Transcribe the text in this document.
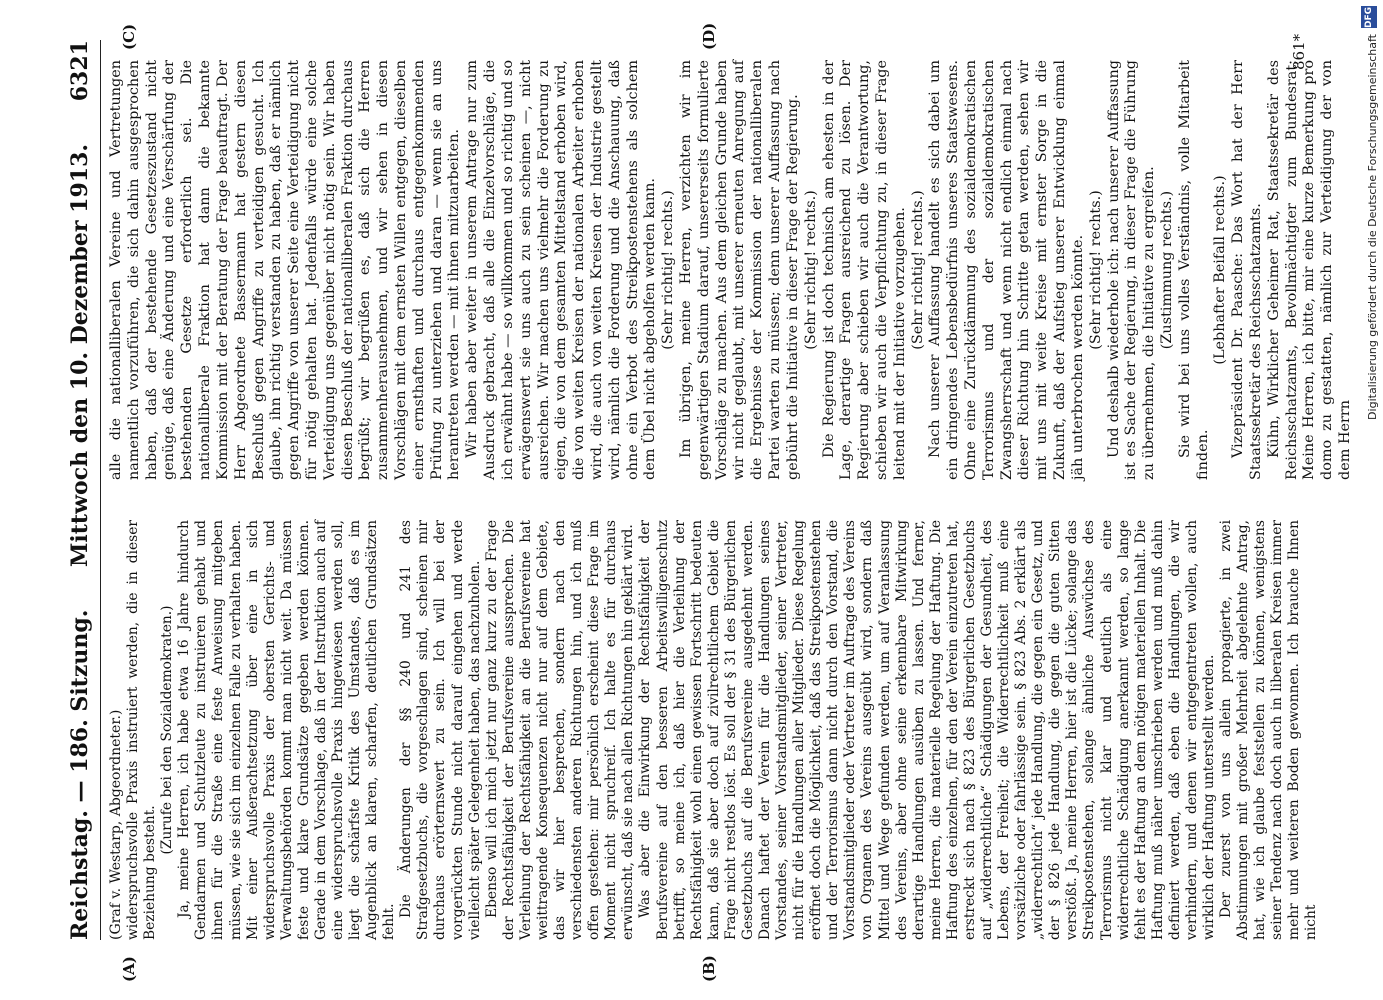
Reichstag. — 186. Sitzung.
Mittwoch den 10. Dezember 1913.
6321

(Graf v. Westarp, Abgeordneter.) widerspruchsvolle Praxis instruiert werden, die in dieser Beziehung besteht.

(Zurufe bei den Sozialdemokraten.) Ja, meine Herren, ich habe etwa 16 Jahre hindurch Gendarmen und Schutzleute zu instruieren gehabt und ihnen für die Straße eine feste Anweisung mitgeben müssen, wie sie sich im einzelnen Falle zu verhalten haben. Mit einer Außerachtsetzung über eine in sich widerspruchsvolle Praxis der obersten Gerichts- und Verwaltungsbehörden kommt man nicht weit. Da müssen feste und klare Grundsätze gegeben werden können. Gerade in dem Vorschlage, daß in der Instruktion auch auf eine widerspruchsvolle Praxis hingewiesen werden soll, liegt die schärfste Kritik des Umstandes, daß es im Augenblick an klaren, scharfen, deutlichen Grundsätzen fehlt.

Die Änderungen der §§ 240 und 241 des Strafgesetzbuchs, die vorgeschlagen sind, scheinen mir durchaus erörternswert zu sein. Ich will bei der vorgerückten Stunde nicht darauf eingehen und werde vielleicht später Gelegenheit haben, das nachzuholen. Ebenso will ich mich jetzt nur ganz kurz zu der Frage der Rechtsfähigkeit der Berufsvereine aussprechen. Die Verleihung der Rechtsfähigkeit an die Berufsvereine hat weittragende Konsequenzen nicht nur auf dem Gebiete, das wir hier besprechen, sondern nach den verschiedensten anderen Richtungen hin, und ich muß offen gestehen: mir persönlich erscheint diese Frage im Moment nicht spruchreif. Ich halte es für durchaus erwünscht, daß sie nach allen Richtungen hin geklärt wird. Was aber die Einwirkung der Rechtsfähigkeit der Berufsvereine auf den besseren Arbeitswilligenschutz betrifft, so meine ich, daß hier die Verleihung der Rechtsfähigkeit wohl einen gewissen Fortschritt bedeuten kann, daß sie aber doch auf zivilrechtlichem Gebiet die Frage nicht restlos löst. Es soll der § 31 des Bürgerlichen Gesetzbuchs auf die Berufsvereine ausgedehnt werden. Danach haftet der Verein für die Handlungen seines Vorstandes, seiner Vorstandsmitglieder, seiner Vertreter, nicht für die Handlungen aller Mitglieder. Diese Regelung eröffnet doch die Möglichkeit, daß das Streikpostenstehen und der Terrorismus dann nicht durch den Vorstand, die Vorstandsmitglieder oder Vertreter im Auftrage des Vereins von Organen des Vereins ausgeübt wird, sondern daß Mittel und Wege gefunden werden, um auf Veranlassung des Vereins, aber ohne seine erkennbare Mitwirkung derartige Handlungen ausüben zu lassen. Und ferner, meine Herren, die materielle Regelung der Haftung. Die Haftung des einzelnen, für den der Verein einzutreten hat, erstreckt sich nach § 823 des Bürgerlichen Gesetzbuchs auf „widerrechtliche“ Schädigungen der Gesundheit, des Lebens, der Freiheit; die Widerrechtlichkeit muß eine vorsätzliche oder fahrlässige sein. § 823 Abs. 2 erklärt als „widerrechtlich“ jede Handlung, die gegen ein Gesetz, und der § 826 jede Handlung, die gegen die guten Sitten verstößt. Ja, meine Herren, hier ist die Lücke; solange das Streikpostenstehen, solange ähnliche Auswüchse des Terrorismus nicht klar und deutlich als eine widerrechtliche Schädigung anerkannt werden, so lange fehlt es der Haftung an dem nötigen materiellen Inhalt. Die Haftung muß näher umschrieben werden und muß dahin definiert werden, daß eben die Handlungen, die wir verhindern, und denen wir entgegentreten wollen, auch wirklich der Haftung unterstellt werden. Der zuerst von uns allein propagierte, in zwei Abstimmungen mit großer Mehrheit abgelehnte Antrag, hat, wie ich glaube feststellen zu können, wenigstens seiner Tendenz nach doch auch in liberalen Kreisen immer mehr und weiteren Boden gewonnen. Ich brauche Ihnen nicht

alle die nationalliberalen Vereine und Vertretungen namentlich vorzuführen, die sich dahin ausgesprochen haben, daß der bestehende Gesetzeszustand nicht genüge, daß eine Änderung und eine Verschärfung der bestehenden Gesetze erforderlich sei. Die nationalliberale Fraktion hat dann die bekannte Kommission mit der Beratung der Frage beauftragt. Der Herr Abgeordnete Bassermann hat gestern diesen Beschluß gegen Angriffe zu verteidigen gesucht. Ich glaube, ihn richtig verstanden zu haben, daß er nämlich gegen Angriffe von unserer Seite eine Verteidigung nicht für nötig gehalten hat. Jedenfalls würde eine solche Verteidigung uns gegenüber nicht nötig sein. Wir haben diesen Beschluß der nationalliberalen Fraktion durchaus begrüßt; wir begrüßen es, daß sich die Herren zusammenherausnehmen, und wir sehen in diesen Vorschlägen mit dem ernsten Willen entgegen, dieselben einer ernsthaften und durchaus entgegenkommenden Prüfung zu unterziehen und daran — wenn sie an uns herantreten werden — mit ihnen mitzuarbeiten. Wir haben aber weiter in unserem Antrage nur zum Ausdruck gebracht, daß alle die Einzelvorschläge, die ich erwähnt habe — so willkommen und so richtig und so erwägenswert sie uns auch zu sein scheinen —, nicht ausreichen. Wir machen uns vielmehr die Forderung zu eigen, die von dem gesamten Mittelstand erhoben wird, die von weiten Kreisen der nationalen Arbeiter erhoben wird, die auch von weiten Kreisen der Industrie gestellt wird, nämlich die Forderung und die Anschauung, daß ohne ein Verbot des Streikpostenstehens als solchem dem Übel nicht abgeholfen werden kann. (Sehr richtig! rechts.) Im übrigen, meine Herren, verzichten wir im gegenwärtigen Stadium darauf, unsererseits formulierte Vorschläge zu machen. Aus dem gleichen Grunde haben wir nicht geglaubt, mit unserer erneuten Anregung auf die Ergebnisse der Kommission der nationalliberalen Partei warten zu müssen; denn unserer Auffassung nach gebührt die Initiative in dieser Frage der Regierung. (Sehr richtig! rechts.) Die Regierung ist doch technisch am ehesten in der Lage, derartige Fragen ausreichend zu lösen. Der Regierung aber schieben wir auch die Verantwortung, schieben wir auch die Verpflichtung zu, in dieser Frage leitend mit der Initiative vorzugehen. (Sehr richtig! rechts.) Nach unserer Auffassung handelt es sich dabei um ein dringendes Lebensbedürfnis unseres Staatswesens. Ohne eine Zurückdämmung des sozialdemokratischen Terrorismus und der sozialdemokratischen Zwangsherrschaft und wenn nicht endlich einmal nach dieser Richtung hin Schritte getan werden, sehen wir mit uns mit weite Kreise mit ernster Sorge in die Zukunft, daß der Aufstieg unserer Entwicklung einmal jäh unterbrochen werden könnte. (Sehr richtig! rechts.) Und deshalb wiederhole ich: nach unserer Auffassung ist es Sache der Regierung, in dieser Frage die Führung zu übernehmen, die Initiative zu ergreifen. (Zustimmung rechts.) Sie wird bei uns volles Verständnis, volle Mitarbeit finden.

(Lebhafter Beifall rechts.) Vizepräsident Dr. Paasche: Das Wort hat der Herr Staatssekretär des Reichsschatzamts. Kühn, Wirklicher Geheimer Rat, Staatssekretär des Reichsschatzamts, Bevollmächtigter zum Bundesrat: Meine Herren, ich bitte, mir eine kurze Bemerkung pro domo zu gestatten, nämlich zur Verteidigung der von dem Herrn

(A)	(B)
(C)	(D)	861*
DFG
Digitalisierung gefördert durch die Deutsche Forschungsgemeinschaft
